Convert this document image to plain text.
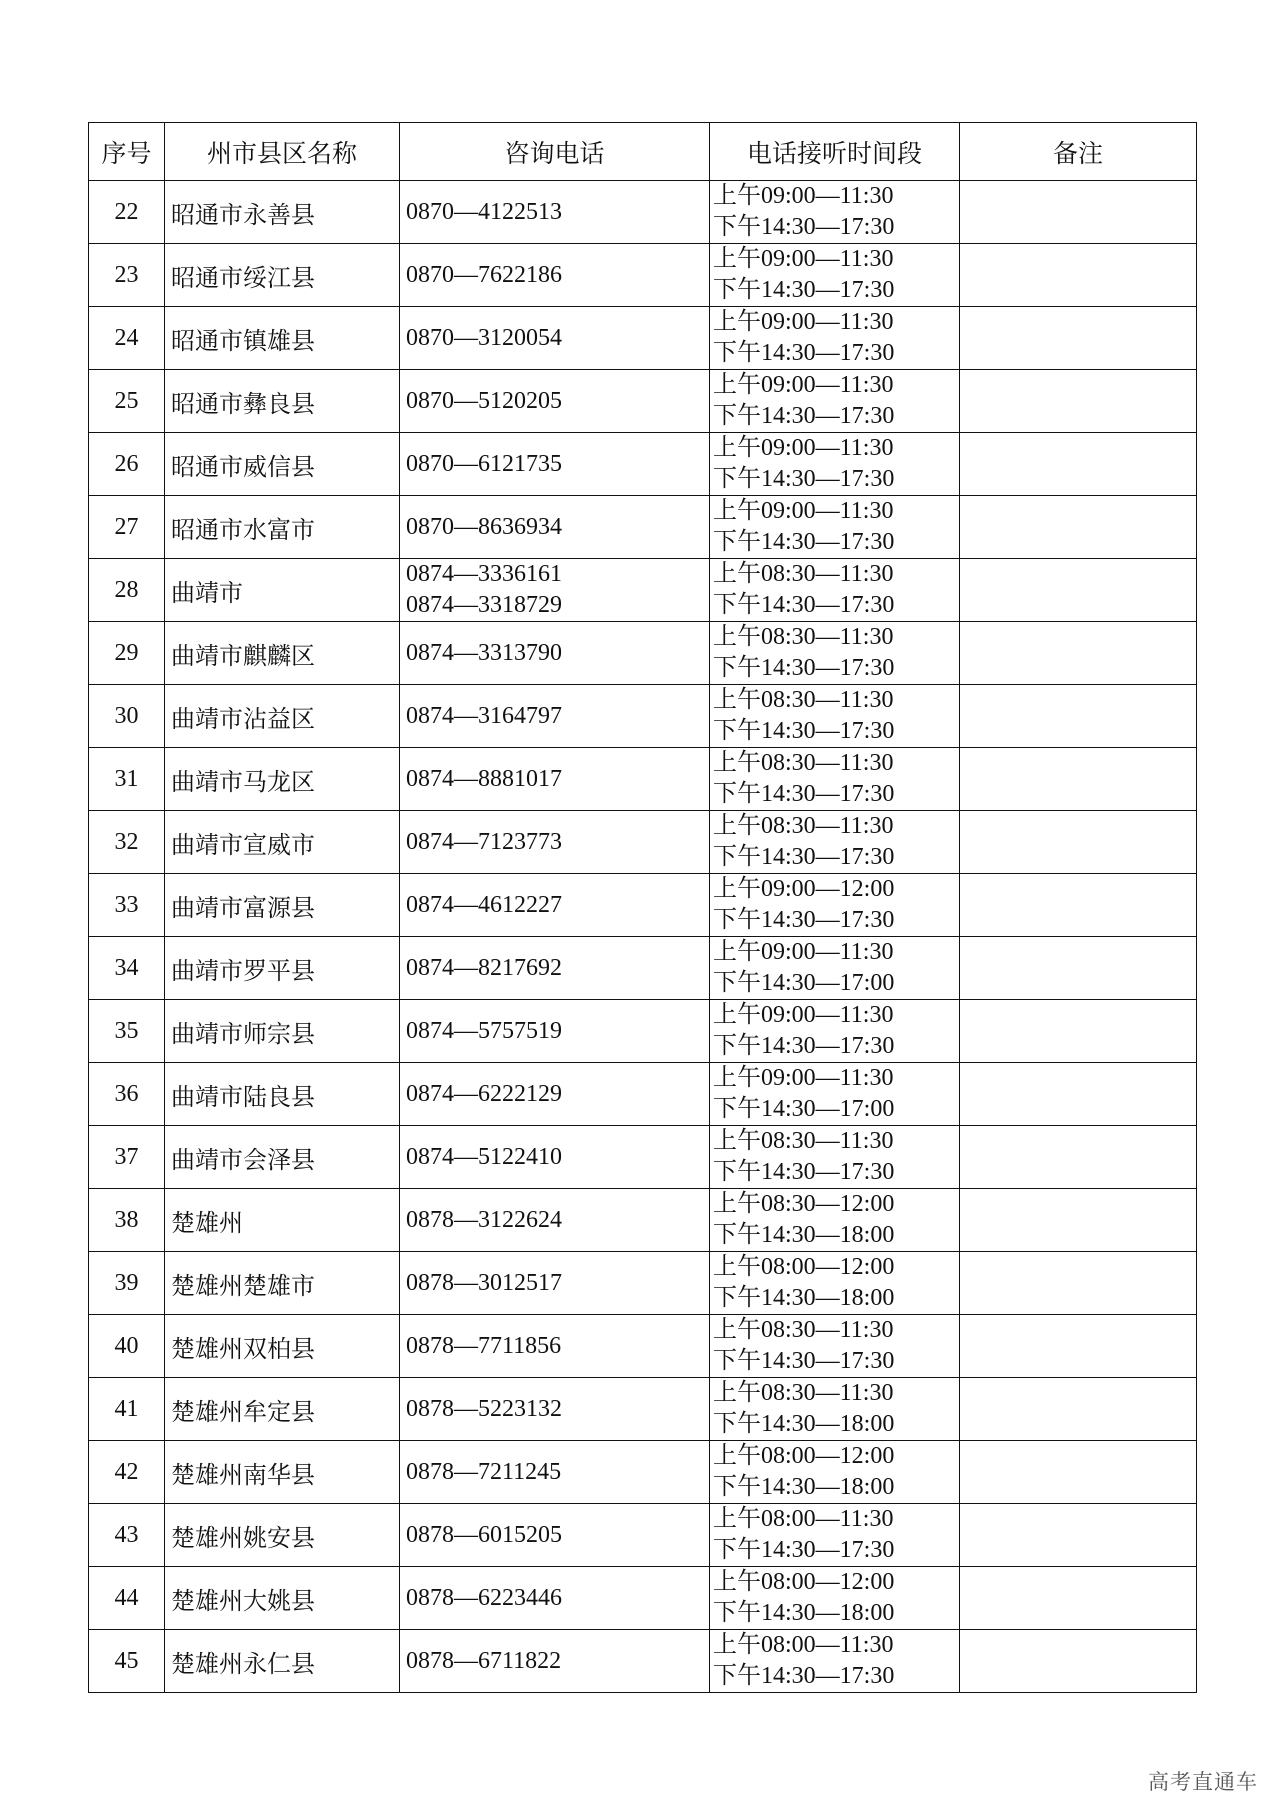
序号	州市县区名称	咨询电话	电话接听时间段	备注
22	昭通市永善县	0870—4122513	上午09:00—11:30
下午14:30—17:30	

23	昭通市绥江县	0870—7622186	上午09:00—11:30
下午14:30—17:30	

24	昭通市镇雄县	0870—3120054	上午09:00—11:30
下午14:30—17:30	

25	昭通市彝良县	0870—5120205	上午09:00—11:30
下午14:30—17:30	

26	昭通市威信县	0870—6121735	上午09:00—11:30
下午14:30—17:30	

27	昭通市水富市	0870—8636934	上午09:00—11:30
下午14:30—17:30	

28	曲靖市	0874—3336161
0874—3318729	上午08:30—11:30
下午14:30—17:30	

29	曲靖市麒麟区	0874—3313790	上午08:30—11:30
下午14:30—17:30	

30	曲靖市沾益区	0874—3164797	上午08:30—11:30
下午14:30—17:30	

31	曲靖市马龙区	0874—8881017	上午08:30—11:30
下午14:30—17:30	

32	曲靖市宣威市	0874—7123773	上午08:30—11:30
下午14:30—17:30	

33	曲靖市富源县	0874—4612227	上午09:00—12:00
下午14:30—17:30	

34	曲靖市罗平县	0874—8217692	上午09:00—11:30
下午14:30—17:00	

35	曲靖市师宗县	0874—5757519	上午09:00—11:30
下午14:30—17:30	

36	曲靖市陆良县	0874—6222129	上午09:00—11:30
下午14:30—17:00	

37	曲靖市会泽县	0874—5122410	上午08:30—11:30
下午14:30—17:30	

38	楚雄州	0878—3122624	上午08:30—12:00
下午14:30—18:00	

39	楚雄州楚雄市	0878—3012517	上午08:00—12:00
下午14:30—18:00	

40	楚雄州双柏县	0878—7711856	上午08:30—11:30
下午14:30—17:30	

41	楚雄州牟定县	0878—5223132	上午08:30—11:30
下午14:30—18:00	

42	楚雄州南华县	0878—7211245	上午08:00—12:00
下午14:30—18:00	

43	楚雄州姚安县	0878—6015205	上午08:00—11:30
下午14:30—17:30	

44	楚雄州大姚县	0878—6223446	上午08:00—12:00
下午14:30—18:00	

45	楚雄州永仁县	0878—6711822	上午08:00—11:30
下午14:30—17:30	

高考直通车
